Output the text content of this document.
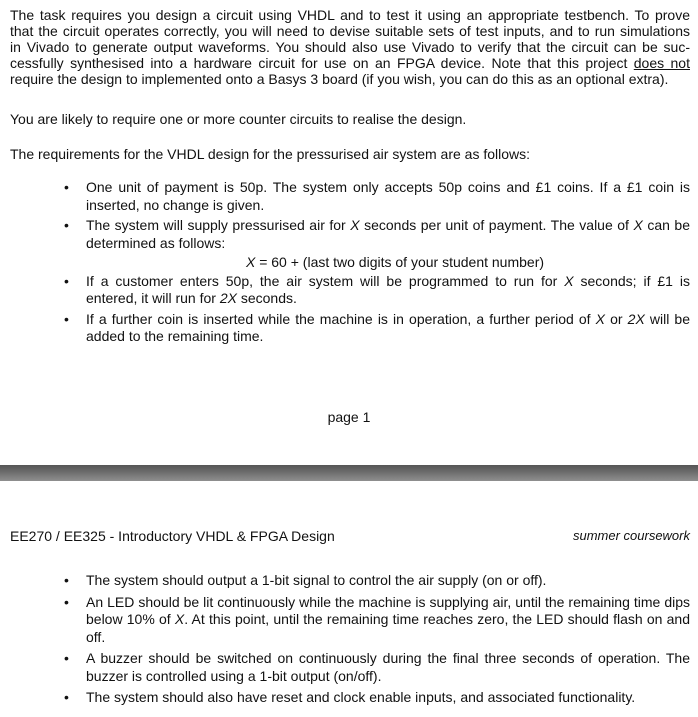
The task requires you design a circuit using VHDL and to test it using an appropriate testbench. To prove
that the circuit operates correctly, you will need to devise suitable sets of test inputs, and to run simulations
in Vivado to generate output waveforms. You should also use Vivado to verify that the circuit can be suc-
cessfully synthesised into a hardware circuit for use on an FPGA device. Note that this project does not
require the design to implemented onto a Basys 3 board (if you wish, you can do this as an optional extra).

You are likely to require one or more counter circuits to realise the design.

The requirements for the VHDL design for the pressurised air system are as follows:

• One unit of payment is 50p. The system only accepts 50p coins and £1 coins. If a £1 coin is inserted, no change is given.
• The system will supply pressurised air for X seconds per unit of payment. The value of X can be determined as follows:
X = 60 + (last two digits of your student number)
• If a customer enters 50p, the air system will be programmed to run for X seconds; if £1 is entered, it will run for 2X seconds.
• If a further coin is inserted while the machine is in operation, a further period of X or 2X will be added to the remaining time.
page 1
EE270 / EE325 - Introductory VHDL & FPGA Design	summer coursework
• The system should output a 1-bit signal to control the air supply (on or off).
• An LED should be lit continuously while the machine is supplying air, until the remaining time dips below 10% of X. At this point, until the remaining time reaches zero, the LED should flash on and off.
• A buzzer should be switched on continuously during the final three seconds of operation. The buzzer is controlled using a 1-bit output (on/off).
• The system should also have reset and clock enable inputs, and associated functionality.
